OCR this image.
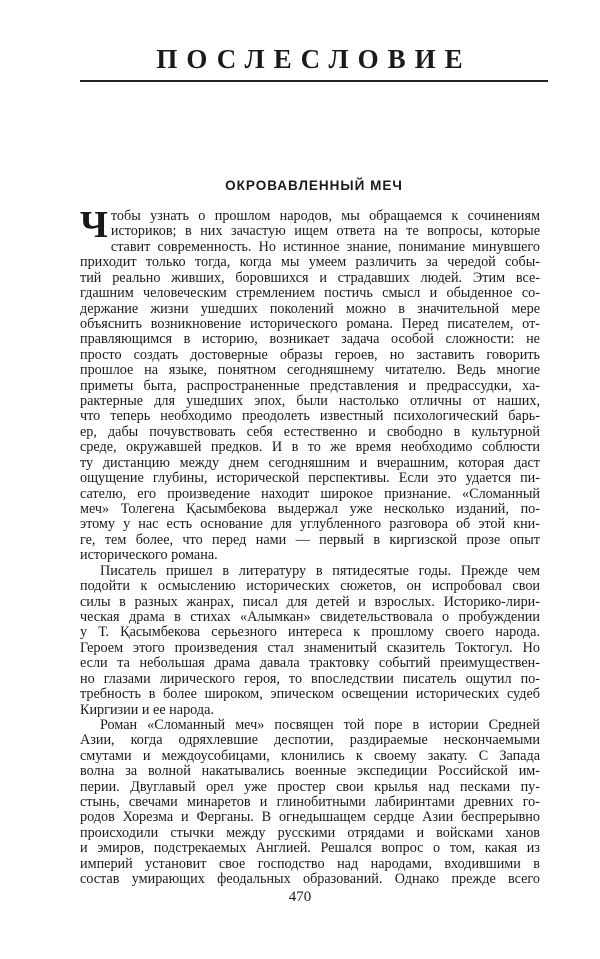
ПОСЛЕСЛОВИЕ
ОКРОВАВЛЕННЫЙ МЕЧ
Ч тобы узнать о прошлом народов, мы обращаемся к сочинениям
историков; в них зачастую ищем ответа на те вопросы, которые
ставит современность. Но истинное знание, понимание минувшего
приходит только тогда, когда мы умеем различить за чередой собы-
тий реально живших, боровшихся и страдавших людей. Этим все-
гдашним человеческим стремлением постичь смысл и обыденное со-
держание жизни ушедших поколений можно в значительной мере
объяснить возникновение исторического романа. Перед писателем, от-
правляющимся в историю, возникает задача особой сложности: не
просто создать достоверные образы героев, но заставить говорить
прошлое на языке, понятном сегодняшнему читателю. Ведь многие
приметы быта, распространенные представления и предрассудки, ха-
рактерные для ушедших эпох, были настолько отличны от наших,
что теперь необходимо преодолеть известный психологический барь-
ер, дабы почувствовать себя естественно и свободно в культурной
среде, окружавшей предков. И в то же время необходимо соблюсти
ту дистанцию между днем сегодняшним и вчерашним, которая даст
ощущение глубины, исторической перспективы. Если это удается пи-
сателю, его произведение находит широкое признание. «Сломанный
меч» Толегена Қасымбекова выдержал уже несколько изданий, по-
этому у нас есть основание для углубленного разговора об этой кни-
ге, тем более, что перед нами — первый в киргизской прозе опыт
исторического романа.
Писатель пришел в литературу в пятидесятые годы. Прежде чем
подойти к осмыслению исторических сюжетов, он испробовал свои
силы в разных жанрах, писал для детей и взрослых. Историко-лири-
ческая драма в стихах «Алымкан» свидетельствовала о пробуждении
у Т. Қасымбекова серьезного интереса к прошлому своего народа.
Героем этого произведения стал знаменитый сказитель Токтогул. Но
если та небольшая драма давала трактовку событий преимуществен-
но глазами лирического героя, то впоследствии писатель ощутил по-
требность в более широком, эпическом освещении исторических судеб
Киргизии и ее народа.
Роман «Сломанный меч» посвящен той поре в истории Средней
Азии, когда одряхлевшие деспотии, раздираемые нескончаемыми
смутами и междоусобицами, клонились к своему закату. С Запада
волна за волной накатывались военные экспедиции Российской им-
перии. Двуглавый орел уже простер свои крылья над песками пу-
стынь, свечами минаретов и глинобитными лабиринтами древних го-
родов Хорезма и Ферганы. В огнедышащем сердце Азии беспрерывно
происходили стычки между русскими отрядами и войсками ханов
и эмиров, подстрекаемых Англией. Решался вопрос о том, какая из
империй установит свое господство над народами, входившими в
состав умирающих феодальных образований. Однако прежде всего
470
